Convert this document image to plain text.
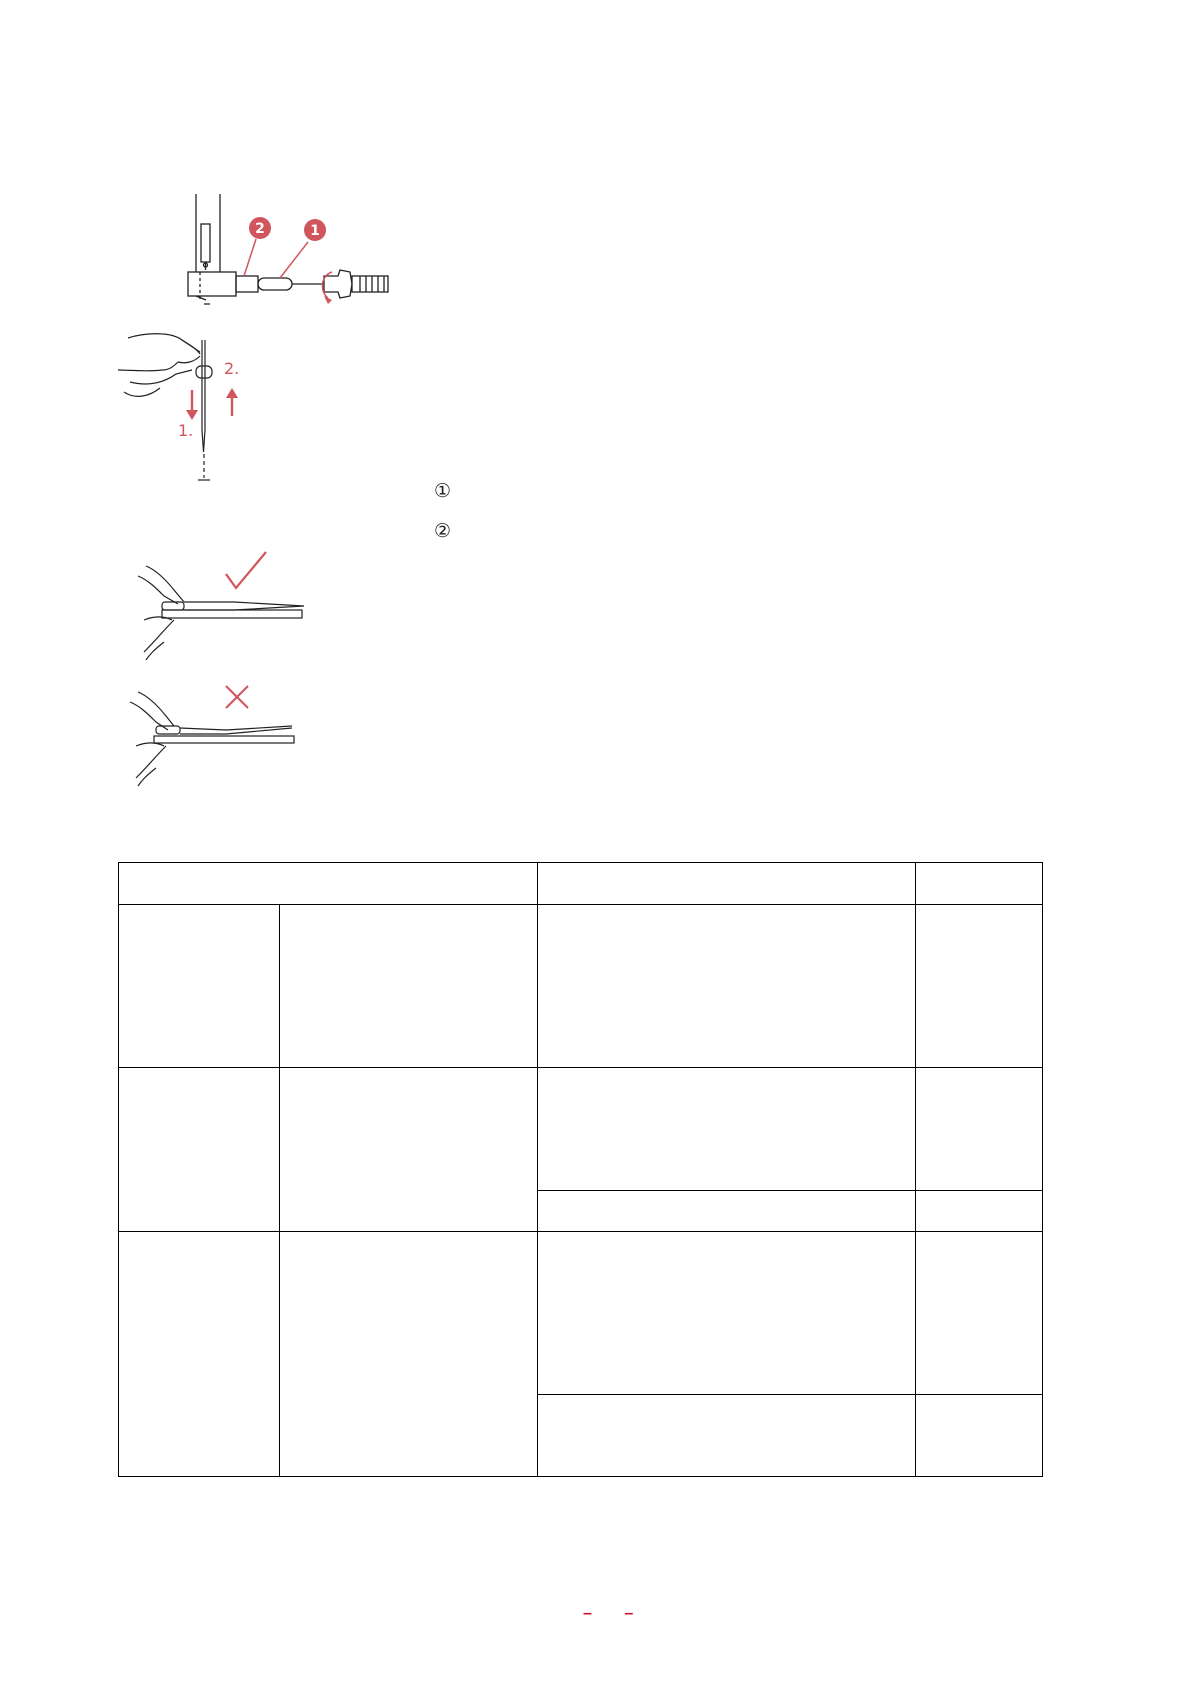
2	1
1.
2.
①
②

– –
